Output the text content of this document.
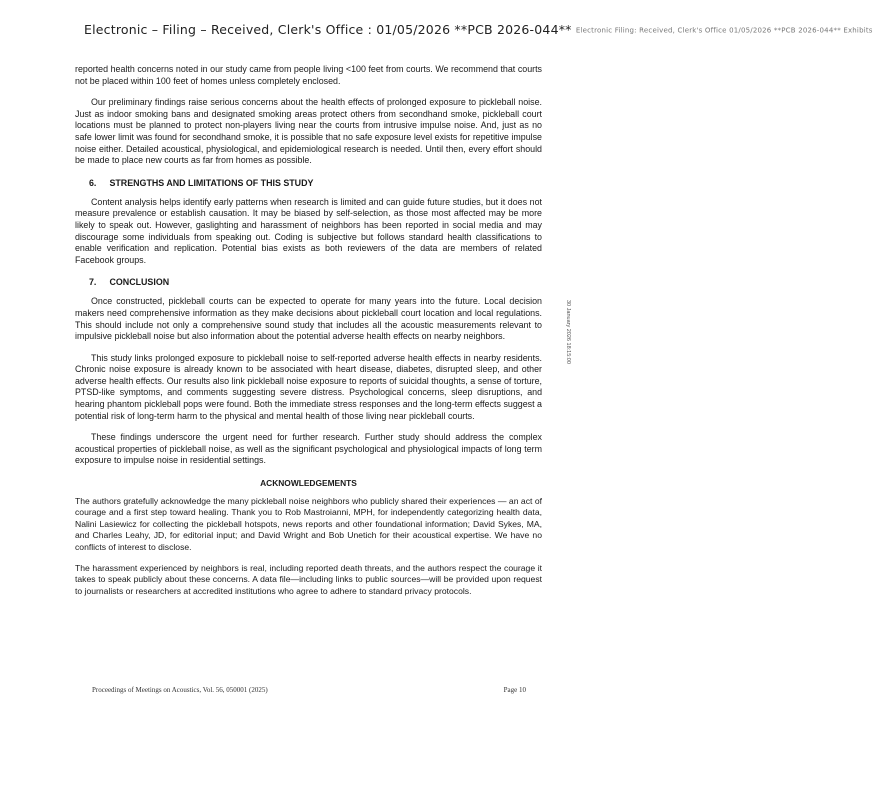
Electronic – Filing – Received, Clerk's Office : 01/05/2026 **PCB 2026-044** Electronic Filing: Received, Clerk's Office 01/05/2026 **PCB 2026-044** Exhibits

reported health concerns noted in our study came from people living <100 feet from courts. We recommend that courts not be placed within 100 feet of homes unless completely enclosed.

Our preliminary findings raise serious concerns about the health effects of prolonged exposure to pickleball noise. Just as indoor smoking bans and designated smoking areas protect others from secondhand smoke, pickleball court locations must be planned to protect non-players living near the courts from intrusive impulse noise. And, just as no safe lower limit was found for secondhand smoke, it is possible that no safe exposure level exists for repetitive impulse noise either. Detailed acoustical, physiological, and epidemiological research is needed. Until then, every effort should be made to place new courts as far from homes as possible.

6. STRENGTHS AND LIMITATIONS OF THIS STUDY

Content analysis helps identify early patterns when research is limited and can guide future studies, but it does not measure prevalence or establish causation. It may be biased by self-selection, as those most affected may be more likely to speak out. However, gaslighting and harassment of neighbors has been reported in social media and may discourage some individuals from speaking out. Coding is subjective but follows standard health classifications to enable verification and replication. Potential bias exists as both reviewers of the data are members of related Facebook groups.

7. CONCLUSION

Once constructed, pickleball courts can be expected to operate for many years into the future. Local decision makers need comprehensive information as they make decisions about pickleball court location and local regulations. This should include not only a comprehensive sound study that includes all the acoustic measurements relevant to impulsive pickleball noise but also information about the potential adverse health effects on nearby neighbors.

This study links prolonged exposure to pickleball noise to self-reported adverse health effects in nearby residents. Chronic noise exposure is already known to be associated with heart disease, diabetes, disrupted sleep, and other adverse health effects. Our results also link pickleball noise exposure to reports of suicidal thoughts, a sense of torture, PTSD-like symptoms, and comments suggesting severe distress. Psychological concerns, sleep disruptions, and hearing phantom pickleball pops were found. Both the immediate stress responses and the long-term effects suggest a potential risk of long-term harm to the physical and mental health of those living near pickleball courts.

These findings underscore the urgent need for further research. Further study should address the complex acoustical properties of pickleball noise, as well as the significant psychological and physiological impacts of long term exposure to impulse noise in residential settings.

ACKNOWLEDGEMENTS

The authors gratefully acknowledge the many pickleball noise neighbors who publicly shared their experiences — an act of courage and a first step toward healing. Thank you to Rob Mastroianni, MPH, for independently categorizing health data, Nalini Lasiewicz for collecting the pickleball hotspots, news reports and other foundational information; David Sykes, MA, and Charles Leahy, JD, for editorial input; and David Wright and Bob Unetich for their acoustical expertise. We have no conflicts of interest to disclose.

The harassment experienced by neighbors is real, including reported death threats, and the authors respect the courage it takes to speak publicly about these concerns. A data file—including links to public sources—will be provided upon request to journalists or researchers at accredited institutions who agree to adhere to standard privacy protocols.

Proceedings of Meetings on Acoustics, Vol. 56, 050001 (2025)	Page 10
30 January 2026 18:15:00
